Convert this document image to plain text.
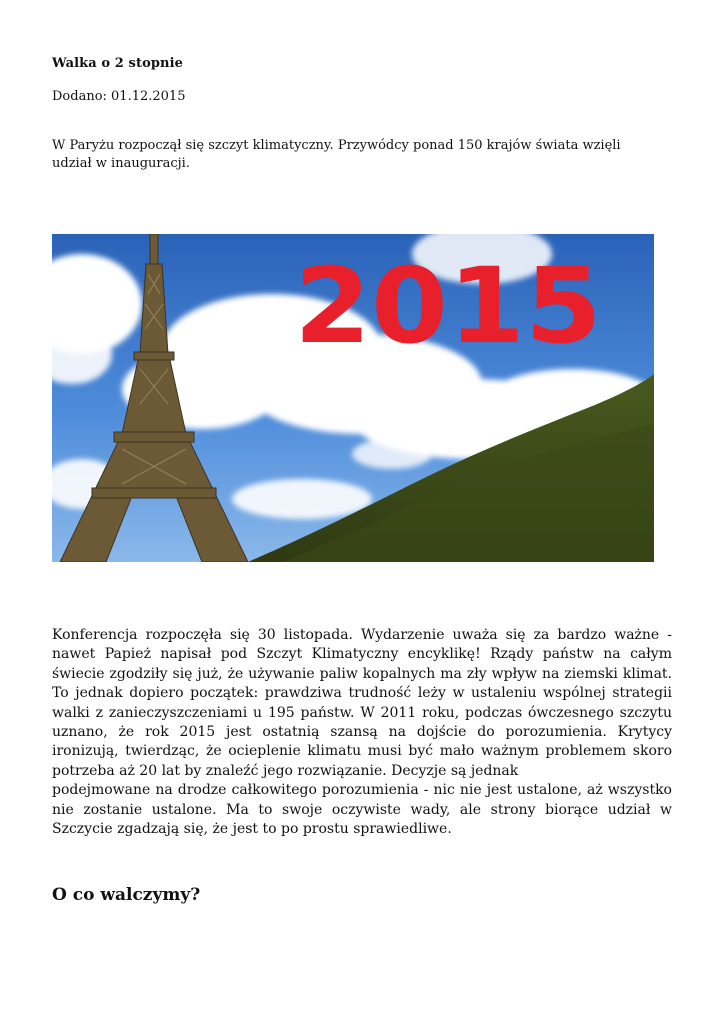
Walka o 2 stopnie
Dodano: 01.12.2015
W Paryżu rozpoczął się szczyt klimatyczny. Przywódcy ponad 150 krajów świata wzięli udział w inauguracji.
2015

Konferencja rozpoczęła się 30 listopada. Wydarzenie uważa się za bardzo ważne - nawet Papież napisał pod Szczyt Klimatyczny encyklikę! Rządy państw na całym świecie zgodziły się już, że używanie paliw kopalnych ma zły wpływ na ziemski klimat. To jednak dopiero początek: prawdziwa trudność leży w ustaleniu wspólnej strategii walki z zanieczyszczeniami u 195 państw. W 2011 roku, podczas ówczesnego szczytu uznano, że rok 2015 jest ostatnią szansą na dojście do porozumienia. Krytycy ironizują, twierdząc, że ocieplenie klimatu musi być mało ważnym problemem skoro potrzeba aż 20 lat by znaleźć jego rozwiązanie. Decyzje są jednak

podejmowane na drodze całkowitego porozumienia - nic nie jest ustalone, aż wszystko nie zostanie ustalone. Ma to swoje oczywiste wady, ale strony biorące udział w Szczycie zgadzają się, że jest to po prostu sprawiedliwe.

O co walczymy?
